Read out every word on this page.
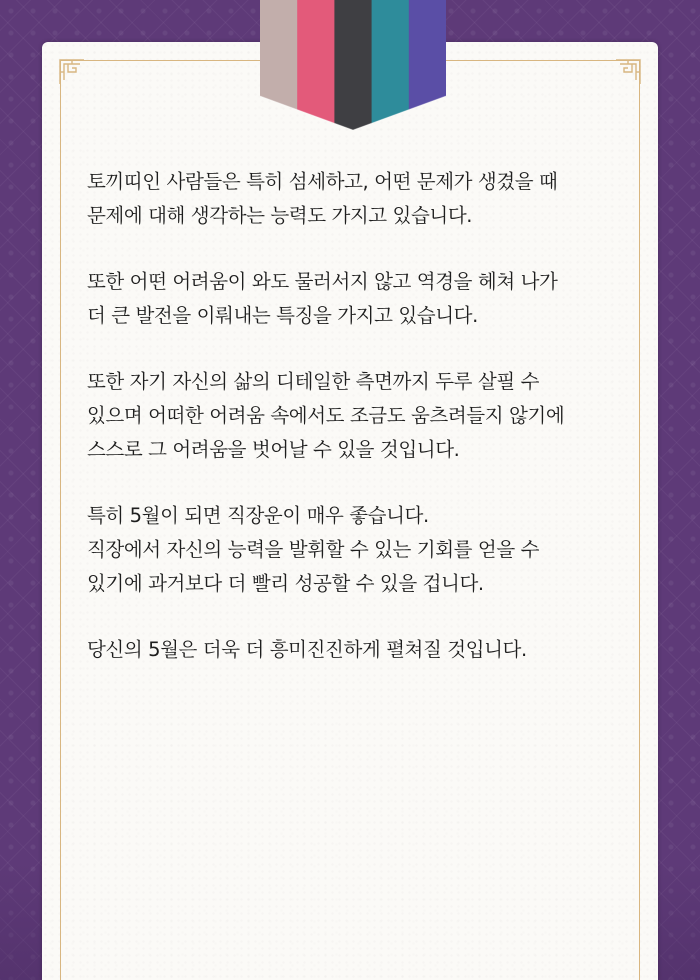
토끼띠인 사람들은 특히 섬세하고, 어떤 문제가 생겼을 때
문제에 대해 생각하는 능력도 가지고 있습니다.

또한 어떤 어려움이 와도 물러서지 않고 역경을 헤쳐 나가
더 큰 발전을 이뤄내는 특징을 가지고 있습니다.

또한 자기 자신의 삶의 디테일한 측면까지 두루 살필 수
있으며 어떠한 어려움 속에서도 조금도 움츠려들지 않기에
스스로 그 어려움을 벗어날 수 있을 것입니다.

특히 5월이 되면 직장운이 매우 좋습니다.
직장에서 자신의 능력을 발휘할 수 있는 기회를 얻을 수
있기에 과거보다 더 빨리 성공할 수 있을 겁니다.

당신의 5월은 더욱 더 흥미진진하게 펼쳐질 것입니다.
